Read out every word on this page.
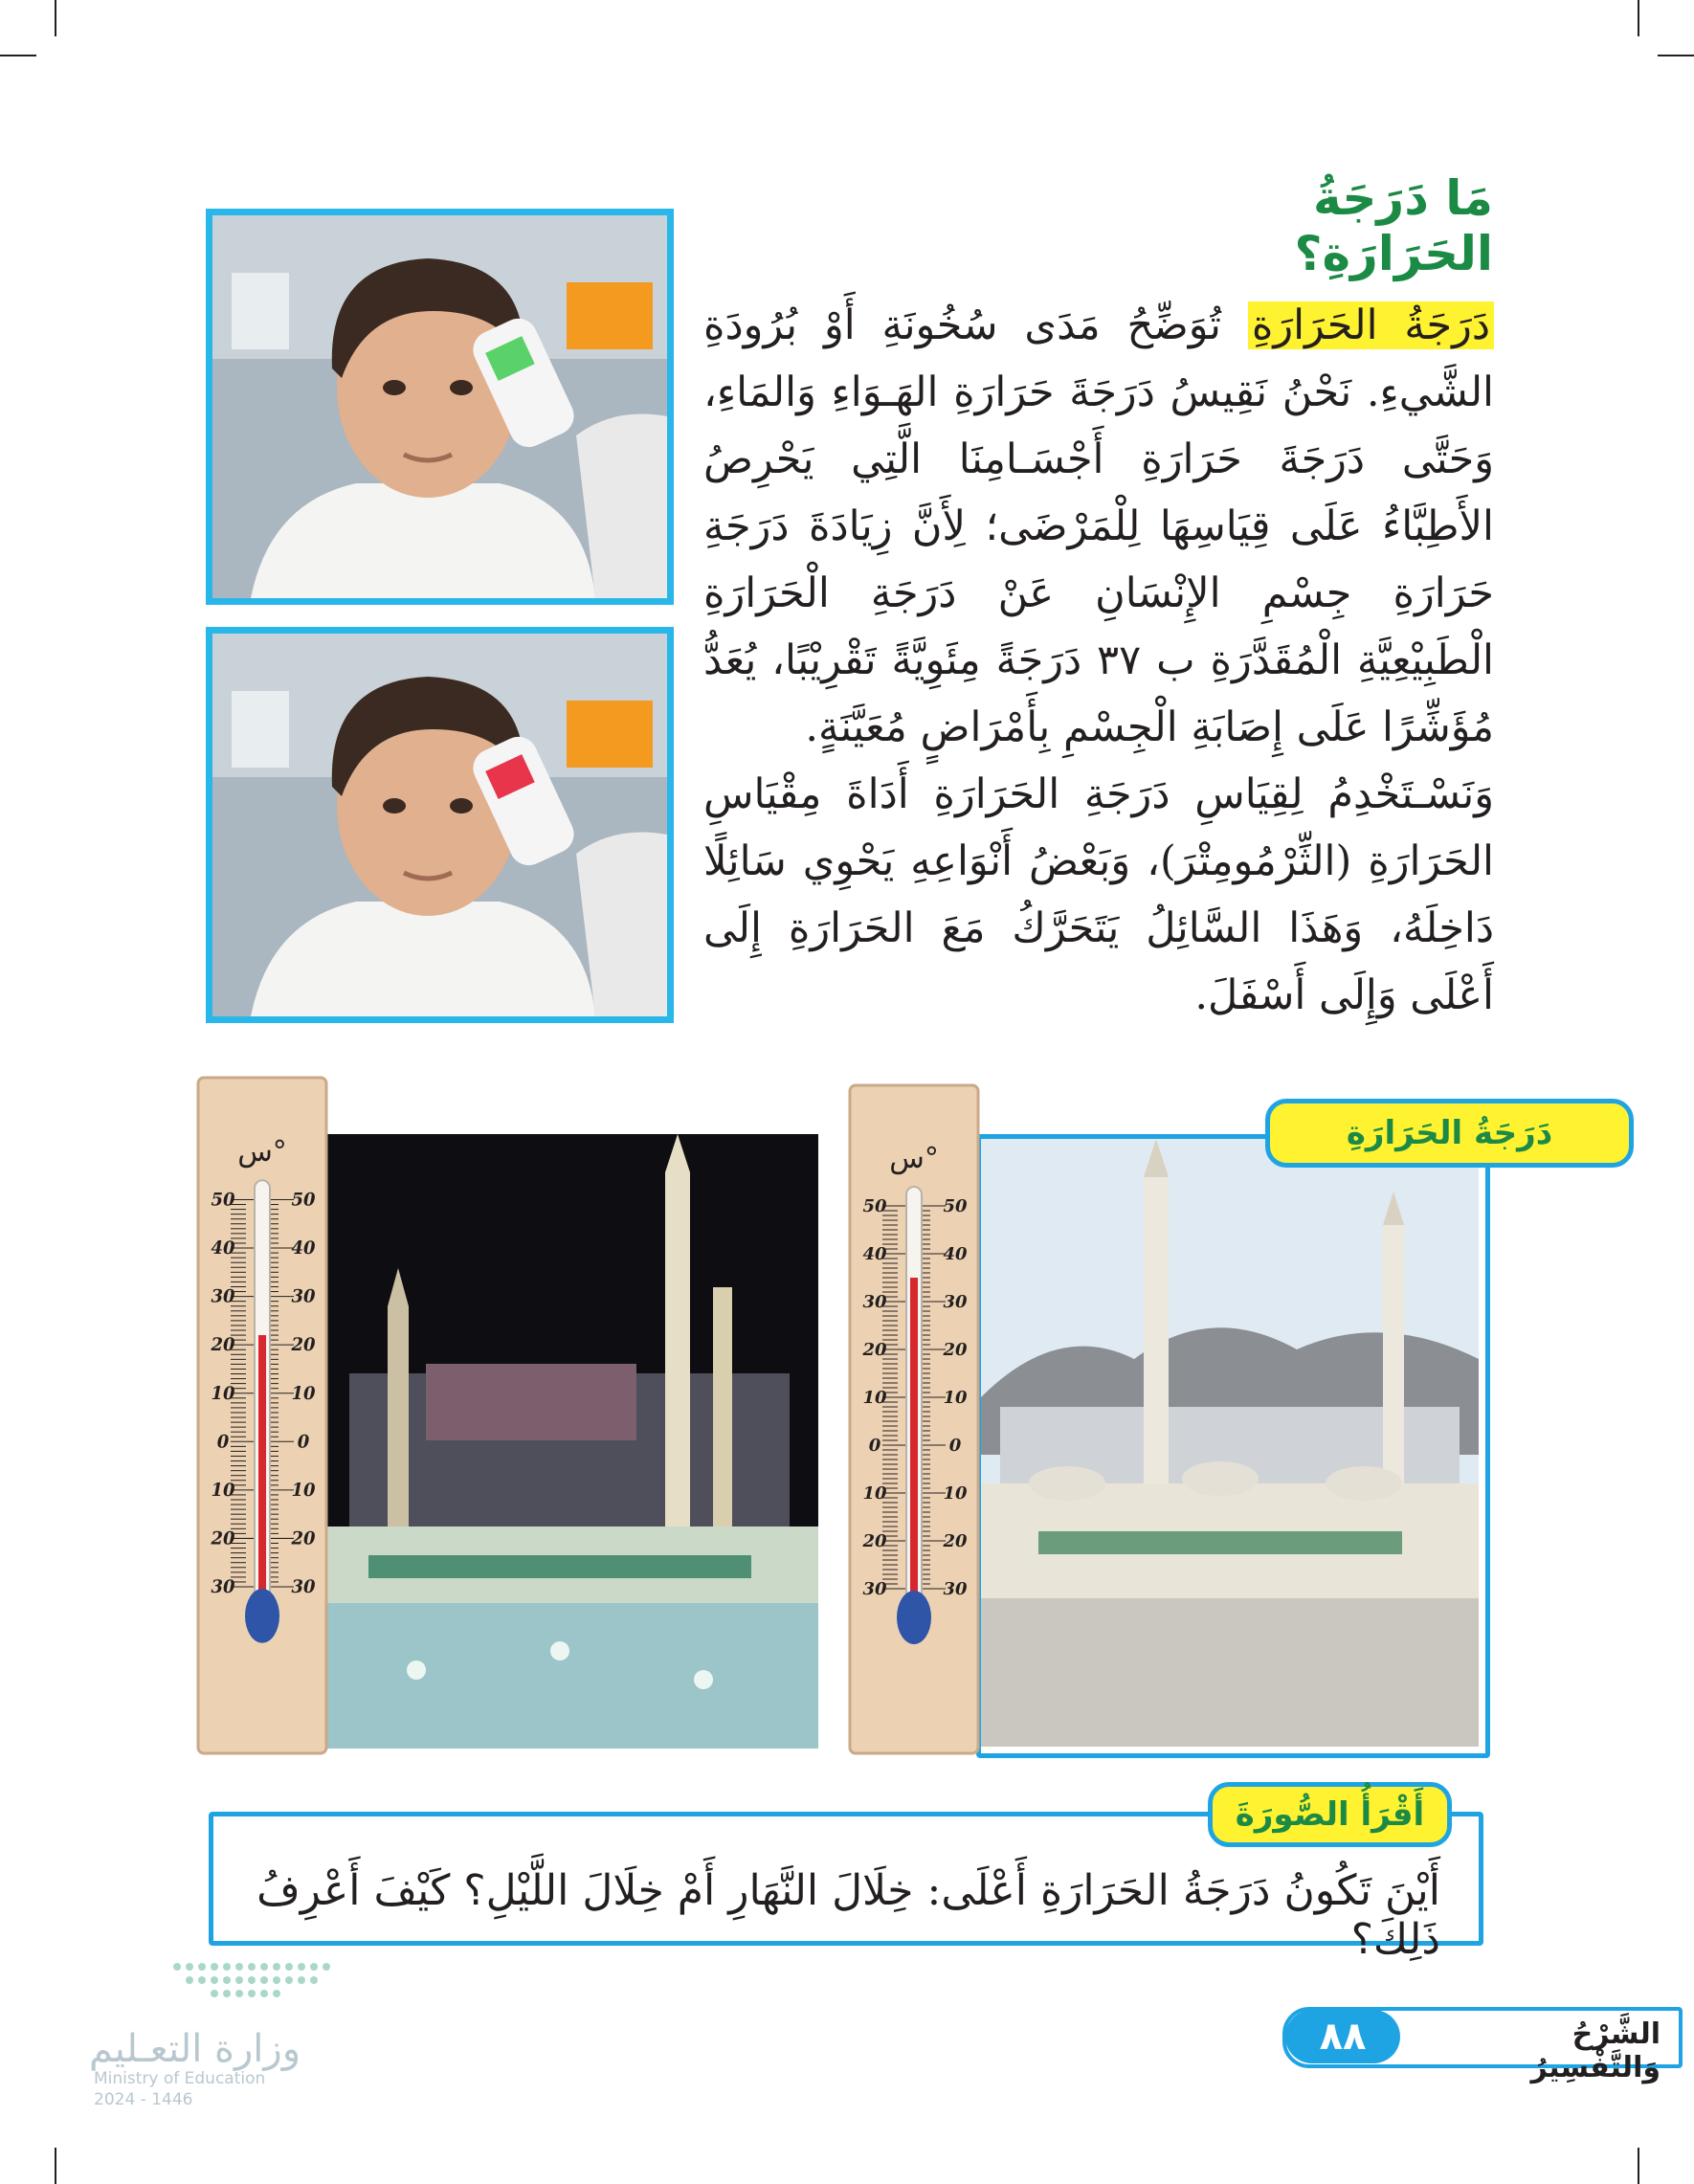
مَا دَرَجَةُ الحَرَارَةِ؟

دَرَجَةُ الحَرَارَةِ تُوَضِّحُ مَدَى سُخُونَةِ أَوْ بُرُودَةِ الشَّيءِ. نَحْنُ نَقِيسُ دَرَجَةَ حَرَارَةِ الهَـوَاءِ وَالمَاءِ، وَحَتَّى دَرَجَةَ حَرَارَةِ أَجْسَـامِنَا الَّتِي يَحْرِصُ الأَطِبَّاءُ عَلَى قِيَاسِهَا لِلْمَرْضَى؛ لِأَنَّ زِيَادَةَ دَرَجَةِ حَرَارَةِ جِسْمِ الإِنْسَانِ عَنْ دَرَجَةِ الْحَرَارَةِ الْطَبِيْعِيَّةِ الْمُقَدَّرَةِ ب ٣٧ دَرَجَةً مِئَوِيَّةً تَقْرِيْبًا، يُعَدُّ مُؤَشِّرًا عَلَى إِصَابَةِ الْجِسْمِ بِأَمْرَاضٍ مُعَيَّنَةٍ.

وَنَسْـتَخْدِمُ لِقِيَاسِ دَرَجَةِ الحَرَارَةِ أَدَاةَ مِقْيَاسِ الحَرَارَةِ (الثِّرْمُومِتْرَ)، وَبَعْضُ أَنْوَاعِهِ يَحْوِي سَائِلًا دَاخِلَهُ، وَهَذَا السَّائِلُ يَتَحَرَّكُ مَعَ الحَرَارَةِ إِلَى أَعْلَى وَإِلَى أَسْفَلَ.

س°
50	50
40	40
30	30
20	20
10	10
0	0
10	10
20	20
30	30
س°
50	50
40	40
30	30
20	20
10	10
0	0
10	10
20	20
30	30
دَرَجَةُ الحَرَارَةِ
أَقْرَأُ الصُّورَةَ
أَيْنَ تَكُونُ دَرَجَةُ الحَرَارَةِ أَعْلَى: خِلَالَ النَّهَارِ أَمْ خِلَالَ اللَّيْلِ؟ كَيْفَ أَعْرِفُ ذَلِكَ؟
وزارة التعـليم
Ministry of Education
2024 - 1446
الشَّرْحُ وَالتَّفْسِيرُ
٨٨
